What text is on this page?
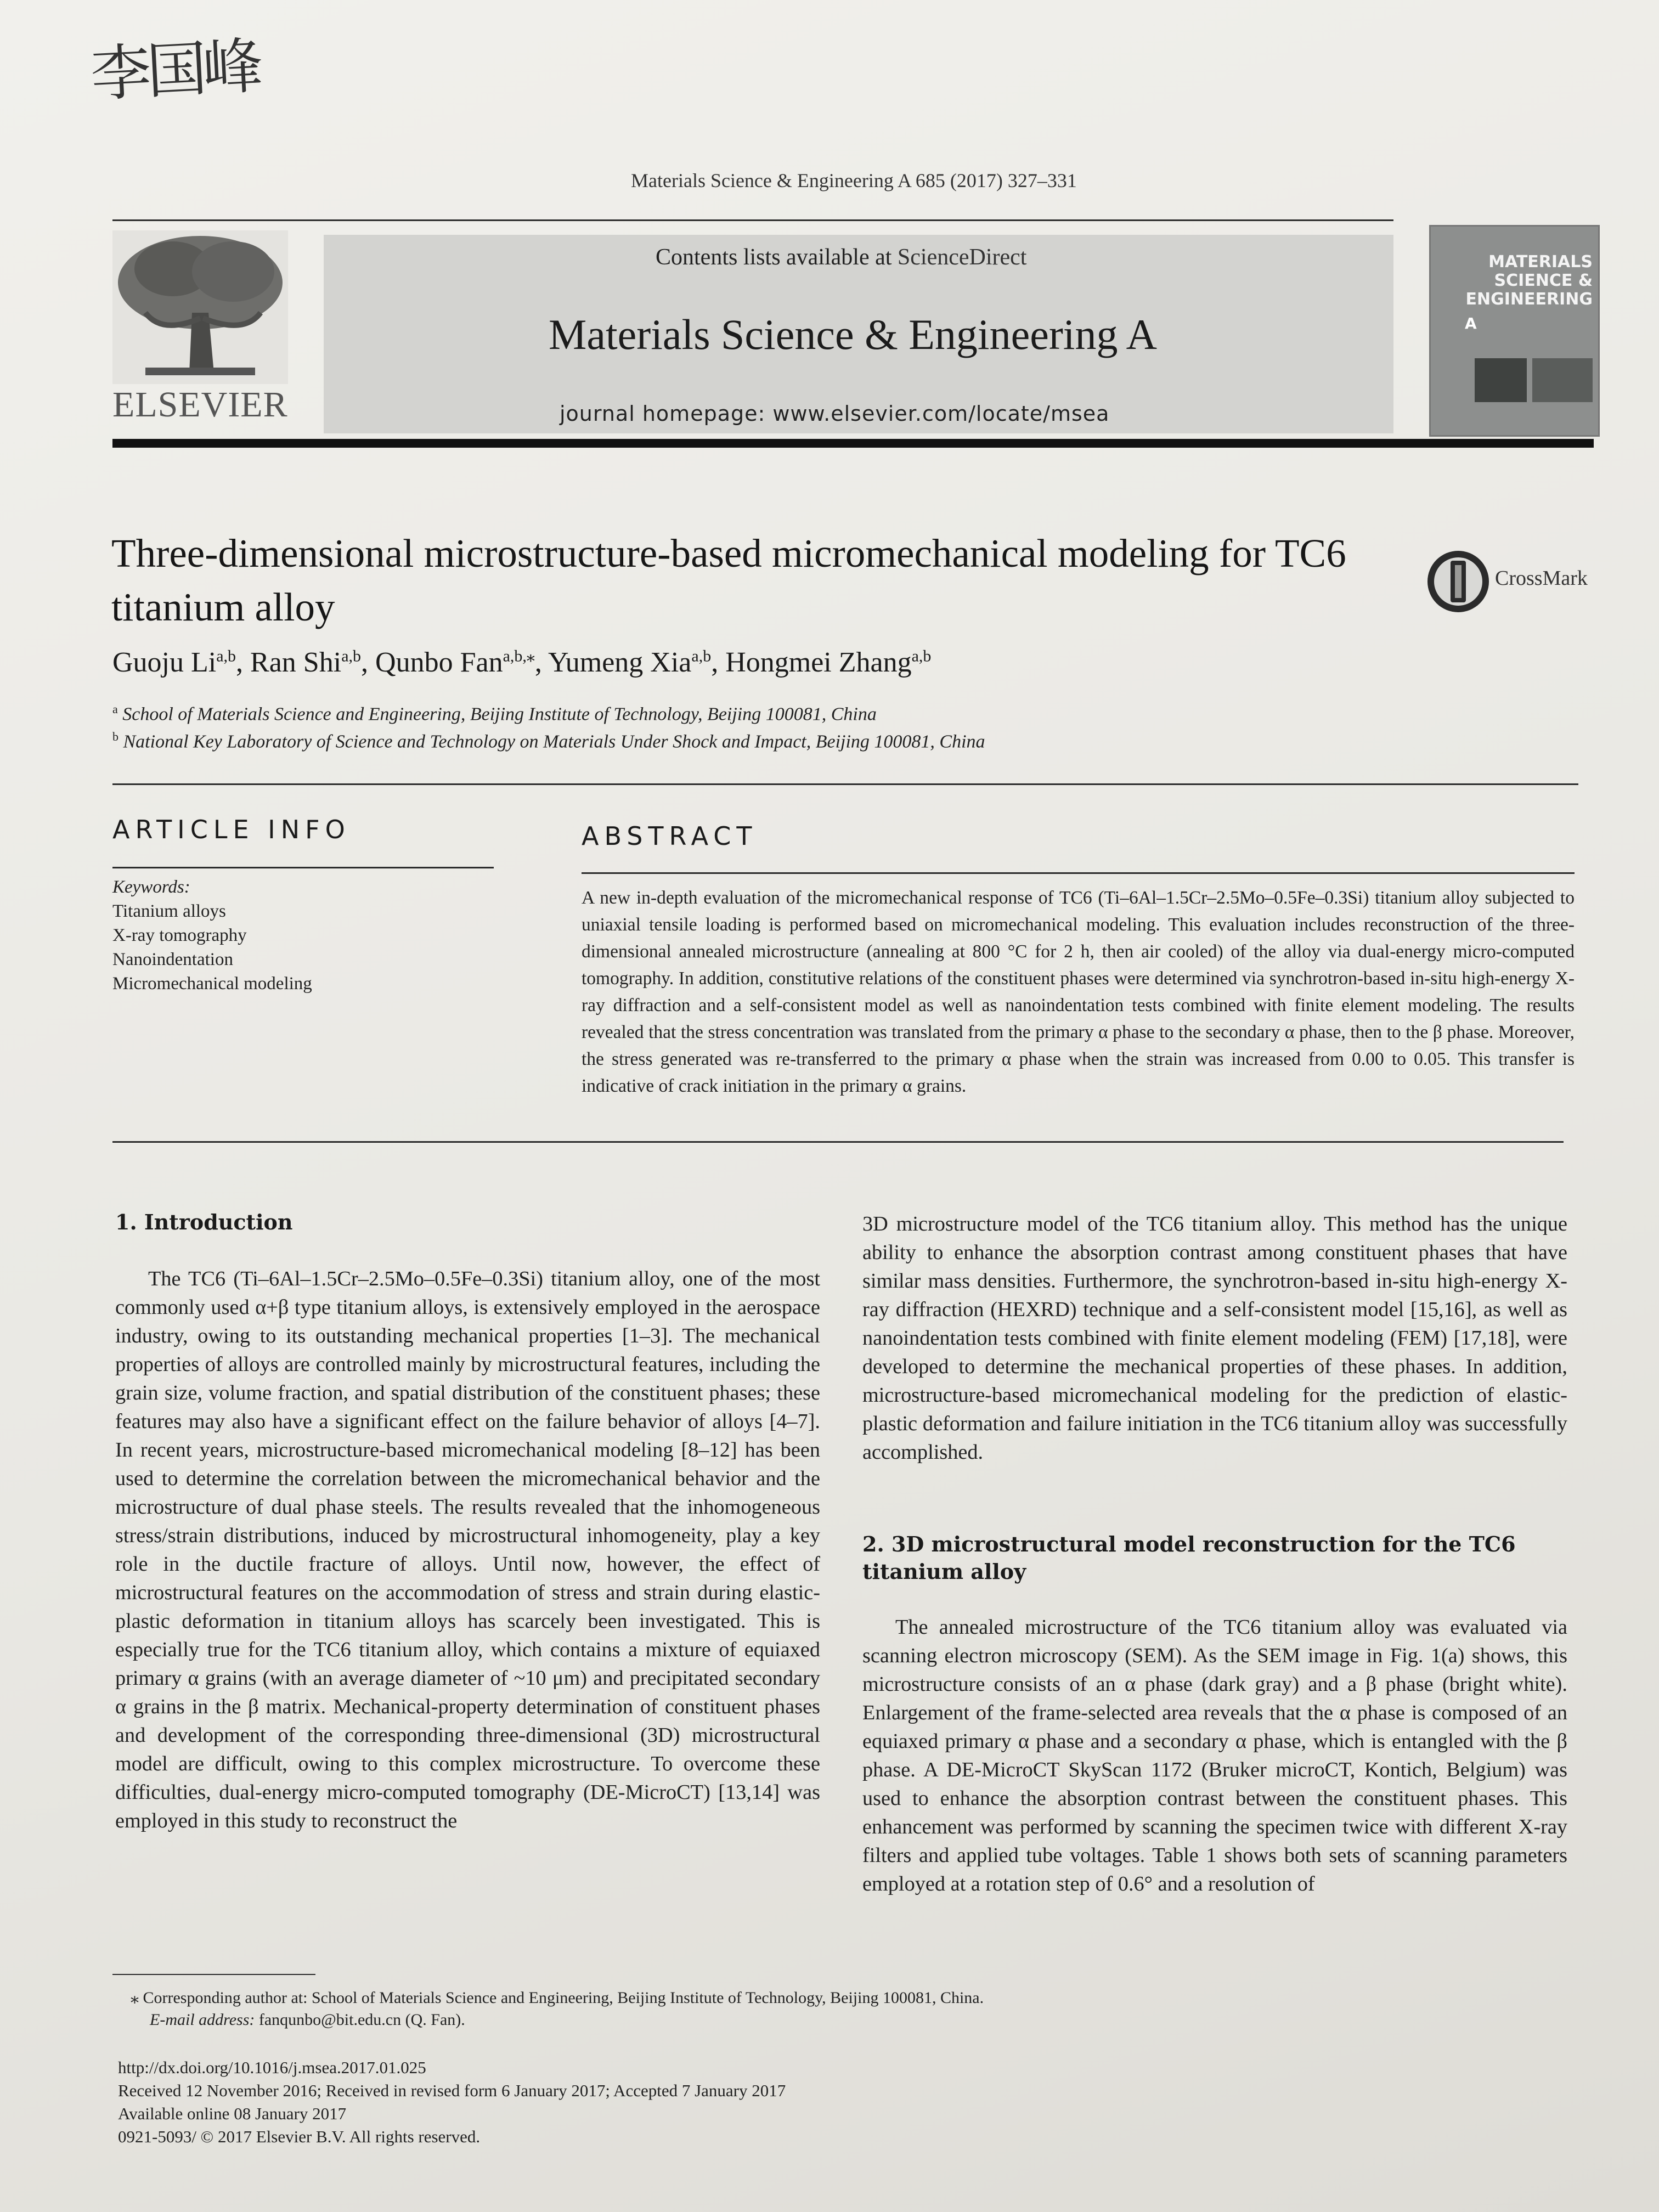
李国峰
Materials Science & Engineering A 685 (2017) 327–331
ELSEVIER
Contents lists available at ScienceDirect
Materials Science & Engineering A
journal homepage: www.elsevier.com/locate/msea
MATERIALS SCIENCE & ENGINEERING
A
Three-dimensional microstructure-based micromechanical modeling for TC6 titanium alloy
CrossMark
Guoju Li$^{a,b}$, Ran Shi$^{a,b}$, Qunbo Fan$^{a,b,⁎}$, Yumeng Xia$^{a,b}$, Hongmei Zhang$^{a,b}$
$^a$ School of Materials Science and Engineering, Beijing Institute of Technology, Beijing 100081, China
$^b$ National Key Laboratory of Science and Technology on Materials Under Shock and Impact, Beijing 100081, China
ARTICLE INFO
Keywords:
Titanium alloys
X-ray tomography
Nanoindentation
Micromechanical modeling
ABSTRACT
A new in-depth evaluation of the micromechanical response of TC6 (Ti–6Al–1.5Cr–2.5Mo–0.5Fe–0.3Si) titanium alloy subjected to uniaxial tensile loading is performed based on micromechanical modeling. This evaluation includes reconstruction of the three-dimensional annealed microstructure (annealing at 800 °C for 2 h, then air cooled) of the alloy via dual-energy micro-computed tomography. In addition, constitutive relations of the constituent phases were determined via synchrotron-based in-situ high-energy X-ray diffraction and a self-consistent model as well as nanoindentation tests combined with finite element modeling. The results revealed that the stress concentration was translated from the primary α phase to the secondary α phase, then to the β phase. Moreover, the stress generated was re-transferred to the primary α phase when the strain was increased from 0.00 to 0.05. This transfer is indicative of crack initiation in the primary α grains.
1. Introduction
The TC6 (Ti–6Al–1.5Cr–2.5Mo–0.5Fe–0.3Si) titanium alloy, one of the most commonly used α+β type titanium alloys, is extensively employed in the aerospace industry, owing to its outstanding mechanical properties [1–3]. The mechanical properties of alloys are controlled mainly by microstructural features, including the grain size, volume fraction, and spatial distribution of the constituent phases; these features may also have a significant effect on the failure behavior of alloys [4–7]. In recent years, microstructure-based micromechanical modeling [8–12] has been used to determine the correlation between the micromechanical behavior and the microstructure of dual phase steels. The results revealed that the inhomogeneous stress/strain distributions, induced by microstructural inhomogeneity, play a key role in the ductile fracture of alloys. Until now, however, the effect of microstructural features on the accommodation of stress and strain during elastic-plastic deformation in titanium alloys has scarcely been investigated. This is especially true for the TC6 titanium alloy, which contains a mixture of equiaxed primary α grains (with an average diameter of ~10 μm) and precipitated secondary α grains in the β matrix. Mechanical-property determination of constituent phases and development of the corresponding three-dimensional (3D) microstructural model are difficult, owing to this complex microstructure. To overcome these difficulties, dual-energy micro-computed tomography (DE-MicroCT) [13,14] was employed in this study to reconstruct the
3D microstructure model of the TC6 titanium alloy. This method has the unique ability to enhance the absorption contrast among constituent phases that have similar mass densities. Furthermore, the synchrotron-based in-situ high-energy X-ray diffraction (HEXRD) technique and a self-consistent model [15,16], as well as nanoindentation tests combined with finite element modeling (FEM) [17,18], were developed to determine the mechanical properties of these phases. In addition, microstructure-based micromechanical modeling for the prediction of elastic-plastic deformation and failure initiation in the TC6 titanium alloy was successfully accomplished.
2. 3D microstructural model reconstruction for the TC6 titanium alloy
The annealed microstructure of the TC6 titanium alloy was evaluated via scanning electron microscopy (SEM). As the SEM image in Fig. 1(a) shows, this microstructure consists of an α phase (dark gray) and a β phase (bright white). Enlargement of the frame-selected area reveals that the α phase is composed of an equiaxed primary α phase and a secondary α phase, which is entangled with the β phase. A DE-MicroCT SkyScan 1172 (Bruker microCT, Kontich, Belgium) was used to enhance the absorption contrast between the constituent phases. This enhancement was performed by scanning the specimen twice with different X-ray filters and applied tube voltages. Table 1 shows both sets of scanning parameters employed at a rotation step of 0.6° and a resolution of
⁎ Corresponding author at: School of Materials Science and Engineering, Beijing Institute of Technology, Beijing 100081, China.
E-mail address: fanqunbo@bit.edu.cn (Q. Fan).
http://dx.doi.org/10.1016/j.msea.2017.01.025
Received 12 November 2016; Received in revised form 6 January 2017; Accepted 7 January 2017
Available online 08 January 2017
0921-5093/ © 2017 Elsevier B.V. All rights reserved.
